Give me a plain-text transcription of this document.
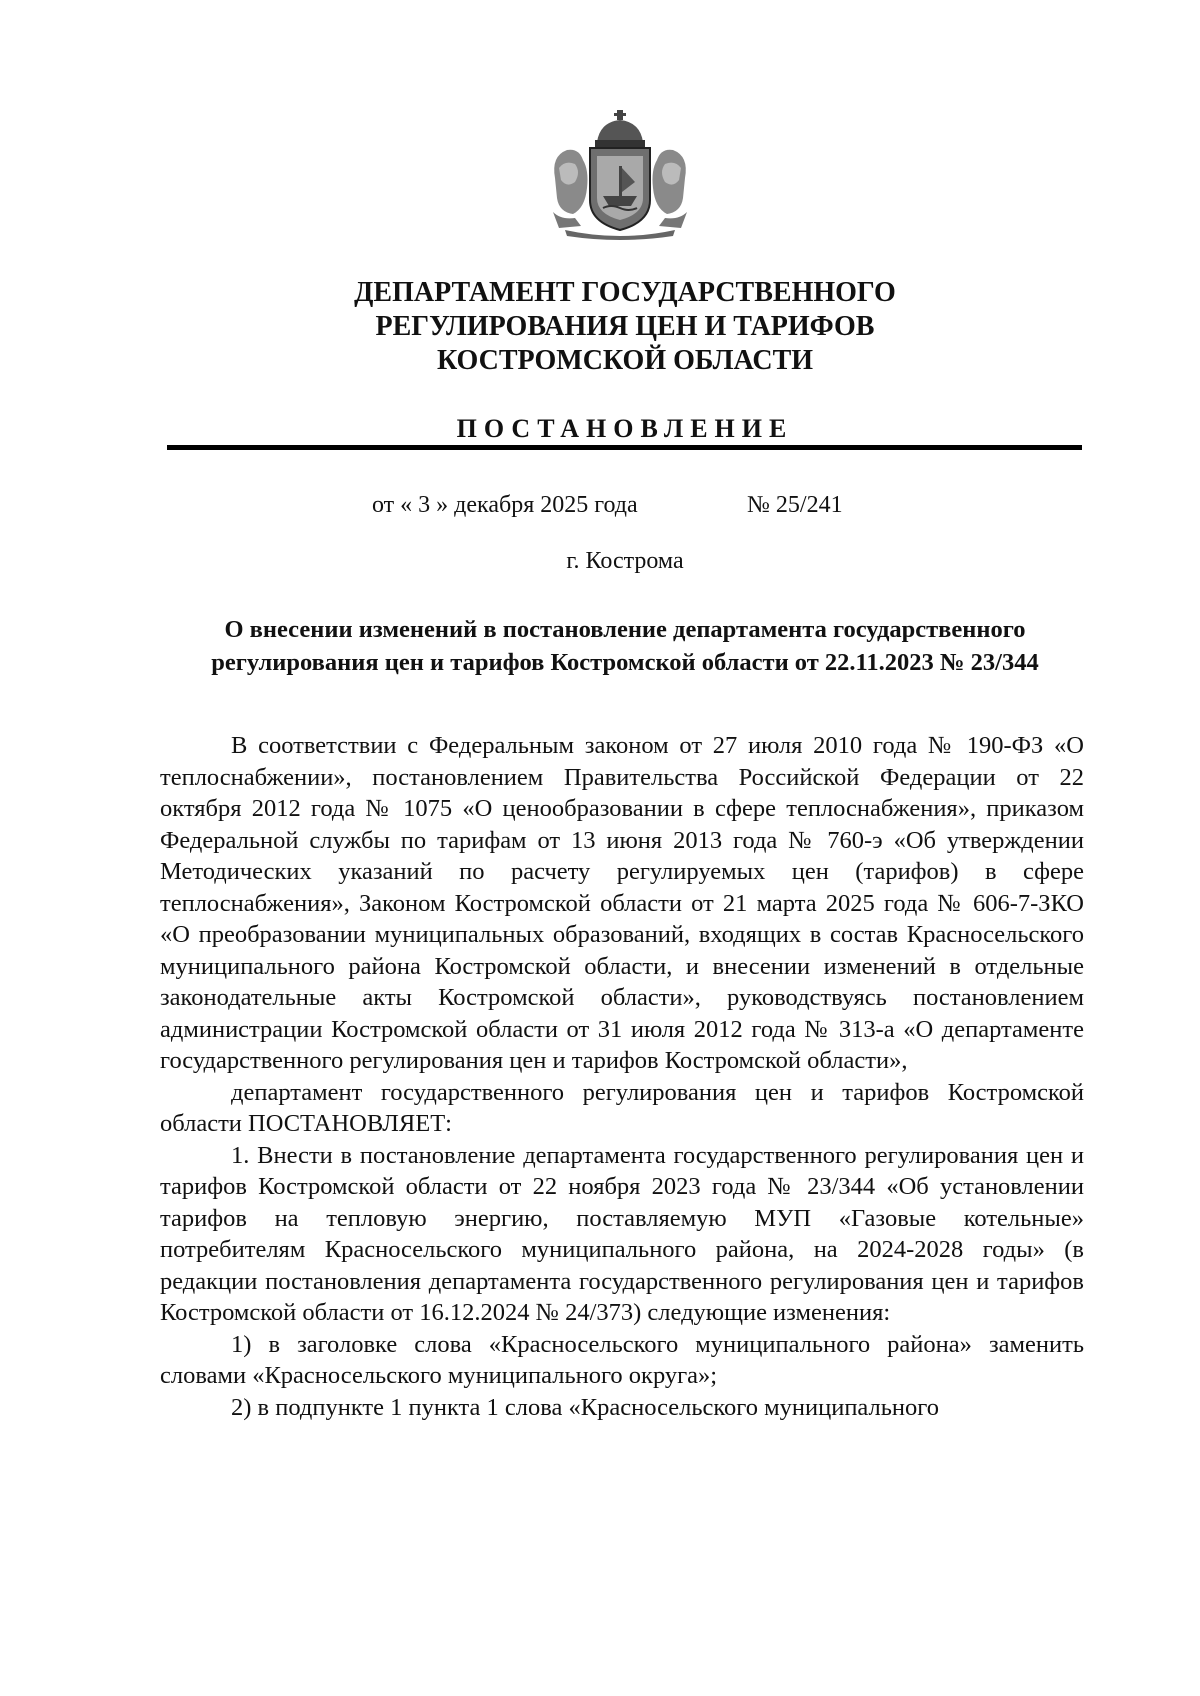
ДЕПАРТАМЕНТ ГОСУДАРСТВЕННОГО

РЕГУЛИРОВАНИЯ ЦЕН И ТАРИФОВ

КОСТРОМСКОЙ ОБЛАСТИ

ПОСТАНОВЛЕНИЕ

от « 3 » декабря 2025 года	№ 25/241
г. Кострома

О внесении изменений в постановление департамента государственного регулирования цен и тарифов Костромской области от 22.11.2023 № 23/344

В соответствии с Федеральным законом от 27 июля 2010 года № 190-ФЗ «О теплоснабжении», постановлением Правительства Российской Федерации от 22 октября 2012 года № 1075 «О ценообразовании в сфере теплоснабжения», приказом Федеральной службы по тарифам от 13 июня 2013 года № 760-э «Об утверждении Методических указаний по расчету регулируемых цен (тарифов) в сфере теплоснабжения», Законом Костромской области от 21 марта 2025 года № 606-7-ЗКО «О преобразовании муниципальных образований, входящих в состав Красносельского муниципального района Костромской области, и внесении изменений в отдельные законодательные акты Костромской области», руководствуясь постановлением администрации Костромской области от 31 июля 2012 года № 313-а «О департаменте государственного регулирования цен и тарифов Костромской области»,

департамент государственного регулирования цен и тарифов Костромской области ПОСТАНОВЛЯЕТ:

1. Внести в постановление департамента государственного регулирования цен и тарифов Костромской области от 22 ноября 2023 года № 23/344 «Об установлении тарифов на тепловую энергию, поставляемую МУП «Газовые котельные» потребителям Красносельского муниципального района, на 2024-2028 годы» (в редакции постановления департамента государственного регулирования цен и тарифов Костромской области от 16.12.2024 № 24/373) следующие изменения:

1) в заголовке слова «Красносельского муниципального района» заменить словами «Красносельского муниципального округа»;

2) в подпункте 1 пункта 1 слова «Красносельского муниципального
